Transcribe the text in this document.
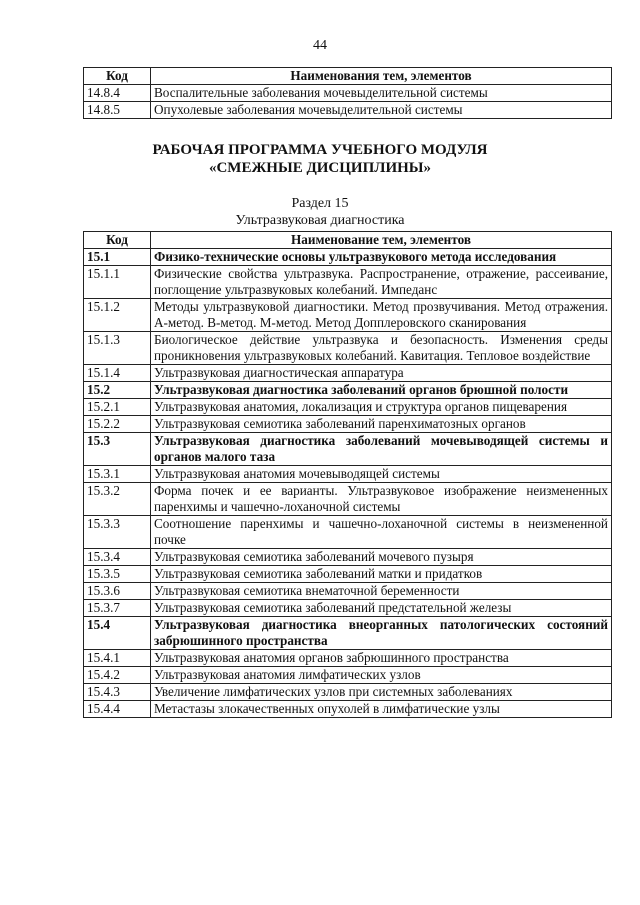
44
Код	Наименования тем, элементов
14.8.4	Воспалительные заболевания мочевыделительной системы
14.8.5	Опухолевые заболевания мочевыделительной системы
РАБОЧАЯ ПРОГРАММА УЧЕБНОГО МОДУЛЯ
«СМЕЖНЫЕ ДИСЦИПЛИНЫ»
Раздел 15
Ультразвуковая диагностика
Код	Наименование тем, элементов
15.1	Физико-технические основы ультразвукового метода исследования
15.1.1	Физические свойства ультразвука. Распространение, отражение, рассеивание, поглощение ультразвуковых колебаний. Импеданс
15.1.2	Методы ультразвуковой диагностики. Метод прозвучивания. Метод отражения. А-метод. В-метод. М-метод. Метод Допплеровского сканирования
15.1.3	Биологическое действие ультразвука и безопасность. Изменения среды проникновения ультразвуковых колебаний. Кавитация. Тепловое воздействие
15.1.4	Ультразвуковая диагностическая аппаратура
15.2	Ультразвуковая диагностика заболеваний органов брюшной полости
15.2.1	Ультразвуковая анатомия, локализация и структура органов пищеварения
15.2.2	Ультразвуковая семиотика заболеваний паренхиматозных органов
15.3	Ультразвуковая диагностика заболеваний мочевыводящей системы и органов малого таза
15.3.1	Ультразвуковая анатомия мочевыводящей системы
15.3.2	Форма почек и ее варианты. Ультразвуковое изображение неизмененных паренхимы и чашечно-лоханочной системы
15.3.3	Соотношение паренхимы и чашечно-лоханочной системы в неизмененной почке
15.3.4	Ультразвуковая семиотика заболеваний мочевого пузыря
15.3.5	Ультразвуковая семиотика заболеваний матки и придатков
15.3.6	Ультразвуковая семиотика внематочной беременности
15.3.7	Ультразвуковая семиотика заболеваний предстательной железы
15.4	Ультразвуковая диагностика внеорганных патологических состояний забрюшинного пространства
15.4.1	Ультразвуковая анатомия органов забрюшинного пространства
15.4.2	Ультразвуковая анатомия лимфатических узлов
15.4.3	Увеличение лимфатических узлов при системных заболеваниях
15.4.4	Метастазы злокачественных опухолей в лимфатические узлы
